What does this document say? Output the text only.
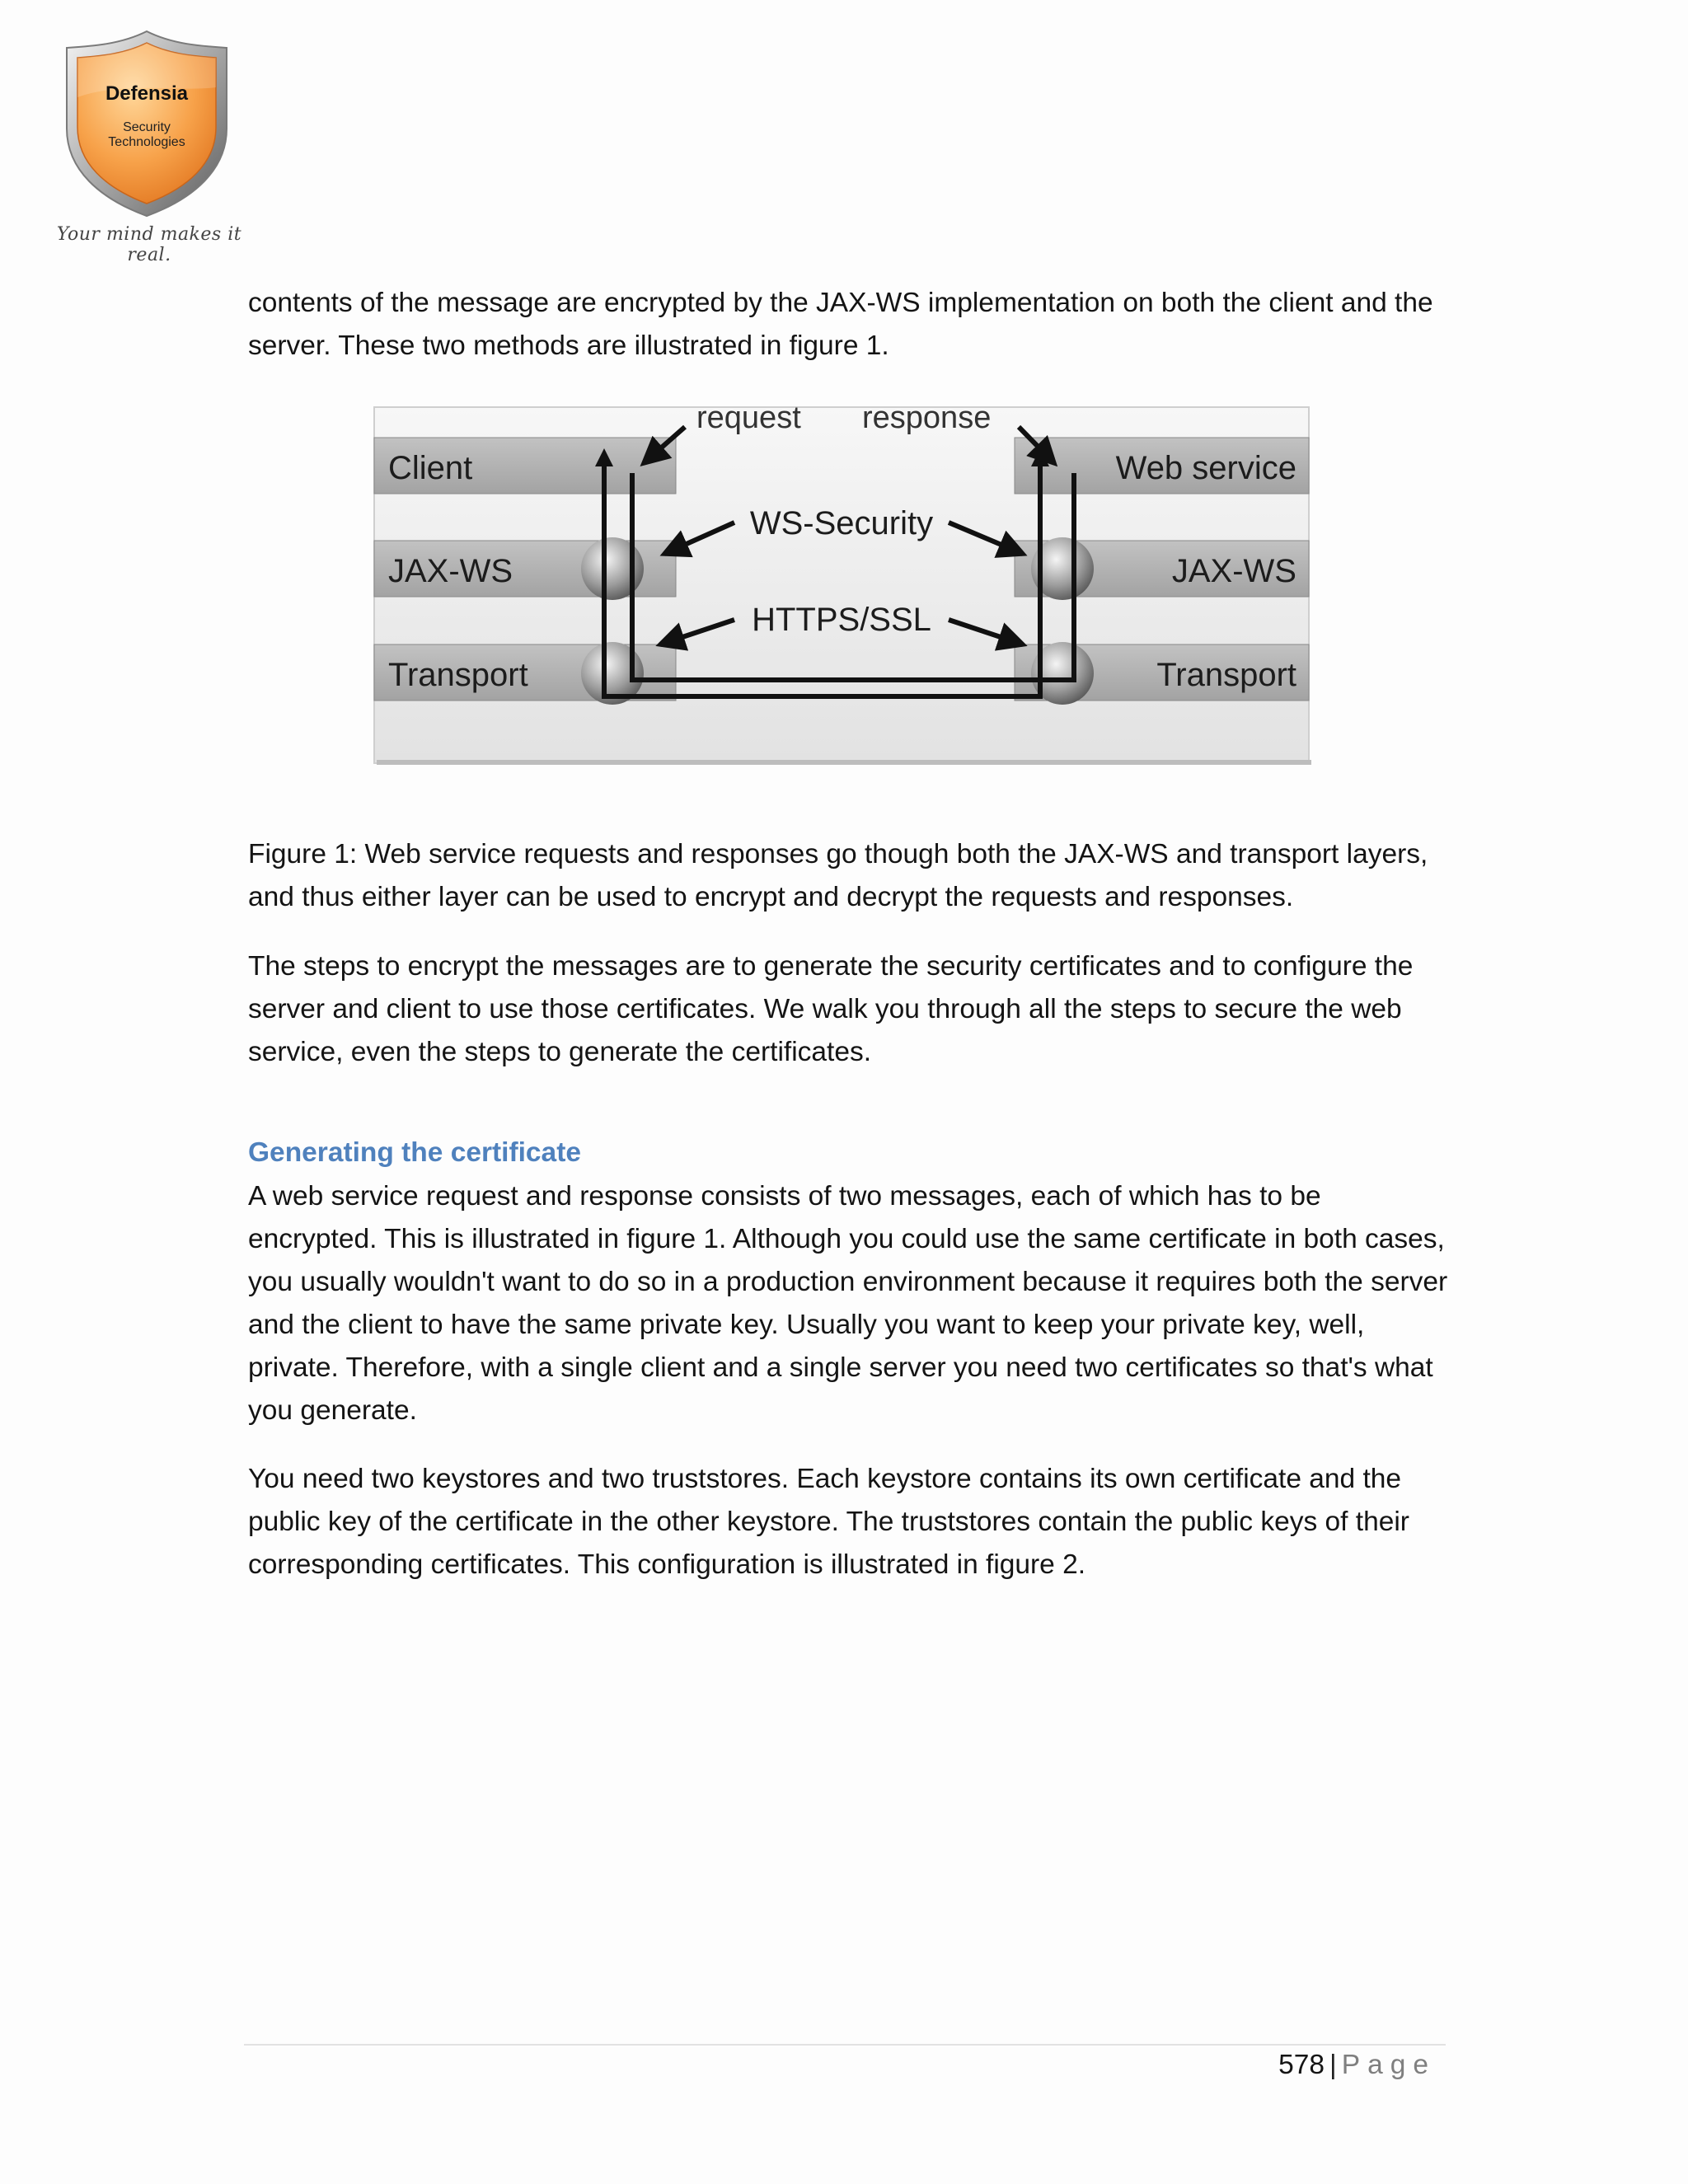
Defensia
Security
Technologies
Your mind makes it real.

contents of the message are encrypted by the JAX-WS implementation on both the client and the server. These two methods are illustrated in figure 1.

request response
Client
JAX-WS
Transport
Web service
JAX-WS
Transport
WS-Security
HTTPS/SSL

Figure 1: Web service requests and responses go though both the JAX-WS and transport layers, and thus either layer can be used to encrypt and decrypt the requests and responses.

The steps to encrypt the messages are to generate the security certificates and to configure the server and client to use those certificates. We walk you through all the steps to secure the web service, even the steps to generate the certificates.

Generating the certificate

A web service request and response consists of two messages, each of which has to be encrypted. This is illustrated in figure 1. Although you could use the same certificate in both cases, you usually wouldn't want to do so in a production environment because it requires both the server and the client to have the same private key. Usually you want to keep your private key, well, private. Therefore, with a single client and a single server you need two certificates so that's what you generate.

You need two keystores and two truststores. Each keystore contains its own certificate and the public key of the certificate in the other keystore. The truststores contain the public keys of their corresponding certificates. This configuration is illustrated in figure 2.

578 | Page
